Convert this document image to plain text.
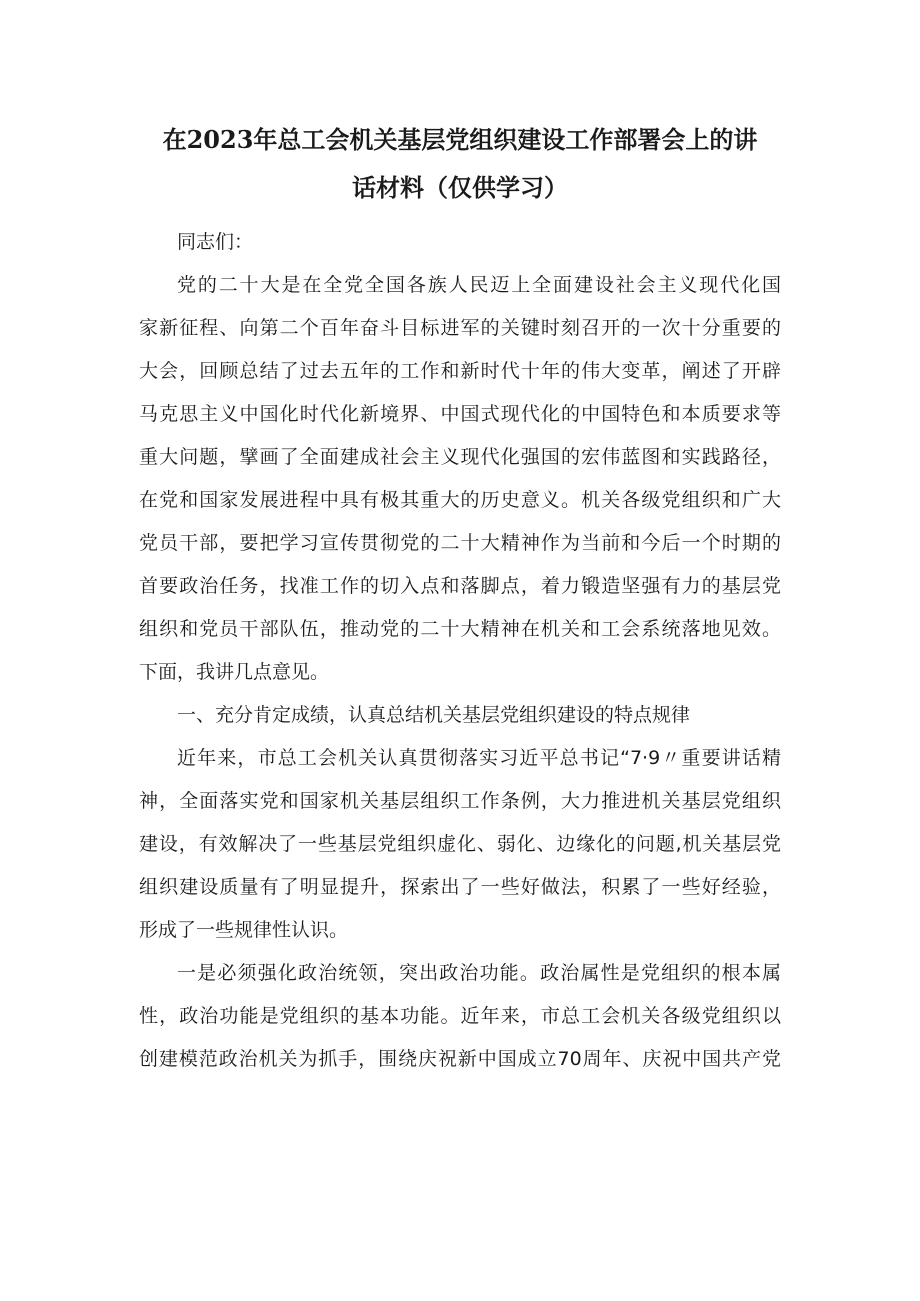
在2023年总工会机关基层党组织建设工作部署会上的讲
话材料（仅供学习）

同志们：

党的二十大是在全党全国各族人民迈上全面建设社会主义现代化国

家新征程、向第二个百年奋斗目标进军的关键时刻召开的一次十分重要的

大会，回顾总结了过去五年的工作和新时代十年的伟大变革，阐述了开辟

马克思主义中国化时代化新境界、中国式现代化的中国特色和本质要求等

重大问题，擘画了全面建成社会主义现代化强国的宏伟蓝图和实践路径，

在党和国家发展进程中具有极其重大的历史意义。机关各级党组织和广大

党员干部，要把学习宣传贯彻党的二十大精神作为当前和今后一个时期的

首要政治任务，找准工作的切入点和落脚点，着力锻造坚强有力的基层党

组织和党员干部队伍，推动党的二十大精神在机关和工会系统落地见效。

下面，我讲几点意见。

一、充分肯定成绩，认真总结机关基层党组织建设的特点规律

近年来，市总工会机关认真贯彻落实习近平总书记“7·9〃重要讲话精

神，全面落实党和国家机关基层组织工作条例，大力推进机关基层党组织

建设，有效解决了一些基层党组织虚化、弱化、边缘化的问题,机关基层党

组织建设质量有了明显提升，探索出了一些好做法，积累了一些好经验，

形成了一些规律性认识。

一是必须强化政治统领，突出政治功能。政治属性是党组织的根本属

性，政治功能是党组织的基本功能。近年来，市总工会机关各级党组织以

创建模范政治机关为抓手，围绕庆祝新中国成立70周年、庆祝中国共产党
